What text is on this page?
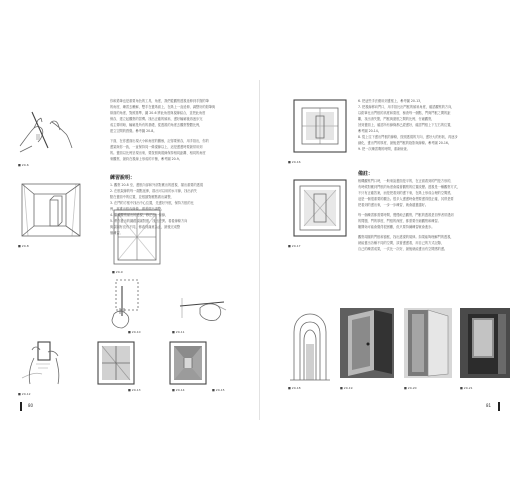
■ 20-6
你和鉛筆也是重要角色的工具，角度，我們從觀察透視延伸到手握的筆
的角度，練習去瞭解，雙手在畫紙面上，在紙上一直延伸，調整好的鉛筆與
紙面的角度，對照基準，圖 20-6 將此角度與視線結合，並把此角度
保存，建立起觀察的習慣。找出正確的傾斜，畫好輪廓後再逐步完
成主要明暗，輪廓是所有的基礎，從透視的角度去觀察整體比例，
建立空間的感覺。參考圖 20-8。
下面，在你畫面出現大小和角度的關係，記得要保存，用手指出，你的
畫架與你一致，一直保持同一條視線以上，這是畫畫時要最常用到
的。畫面以比例呈現出來，要按照與視線保持相同距離、相同的角度
來觀察，最終在視線上形成的平衡，參考圖 20-9。
■ 20-8
練習說明：
1. 觀察 20-8 至，畫框內部和外部對應出的透視，描出重要的透視
2. 在框架線的每一端點延伸，描出可以用的水平線，找出消失
點在畫面中的位置，並根據對應點做出調整，
3. 在門的方框中找出中心位置，先畫好外框，保持方框的比
例，再畫出框內線條，照著做出調整。
4. 繼續觀察描出的透視，修正出一條線，
5. 將你畫出的圖跟原圖對照，找出差異。看看線條方向
與原圖有沒有不同，修改到滿意為止，最後完成整
個練習。
■ 20-9
■ 20-10	■ 20-11
■ 20-12
■ 20-13	■ 20-14	■ 20-15
80
■ 20-16
6. 把這些手法應用到畫框上，參考圖 20-13，
7. 把視線移向門口，用手指比出門框的傾斜角度，確認觀察的方向，
以鉛筆比出門框的高度和寬度，檢查每一個點，門與門框之間的距
離，找出消失點，門框與窗框之間的比例，仔細觀察，
回到畫面上，確認所有線條都已經畫好，確認門框上下左右的位置，
參考圖 20-14。
8. 從上往下畫出門框的線條，按照透視的方向，畫好大的形狀，再逐步
細化，畫出門的厚度，最後是門框的陰影與線條。參考圖 20-16。
9. 把一次練習剩的時間，重新檢查。
■ 20-17
備註：
相機觀察門口時，一般來說畫面是平的，在正面看到的門是方形的，
有時候對應到門框的角度會隨著觀察的位置改變。透視是一種觀察方式，
不只有正確答案，而是把看到的畫下來，在紙上形成合理的空間感，
這是一個很重要的觀念。很多人畫畫時會想要畫得很正確，其實是要
把看到的畫出來，一步一步練習，就會越畫越好。
每一個練習都需要時間，慢慢地去觀察，門框的透視是初學者常遇到
的問題，門的厚度，門框的深度，都需要仔細觀察和練習。
剛開始可能會覺得很困難，但只要持續練習就會進步。
觀察周圍的門框和窗框，找出透視的規律。如果能夠理解門的透視，
就能畫出各種不同的空間，試著畫畫看，用自己的方式記錄，
自己的練習成果，一次比一次好，最後就能畫出有空間感的畫。
■ 20-18	■ 20-19	■ 20-20	■ 20-21
81
